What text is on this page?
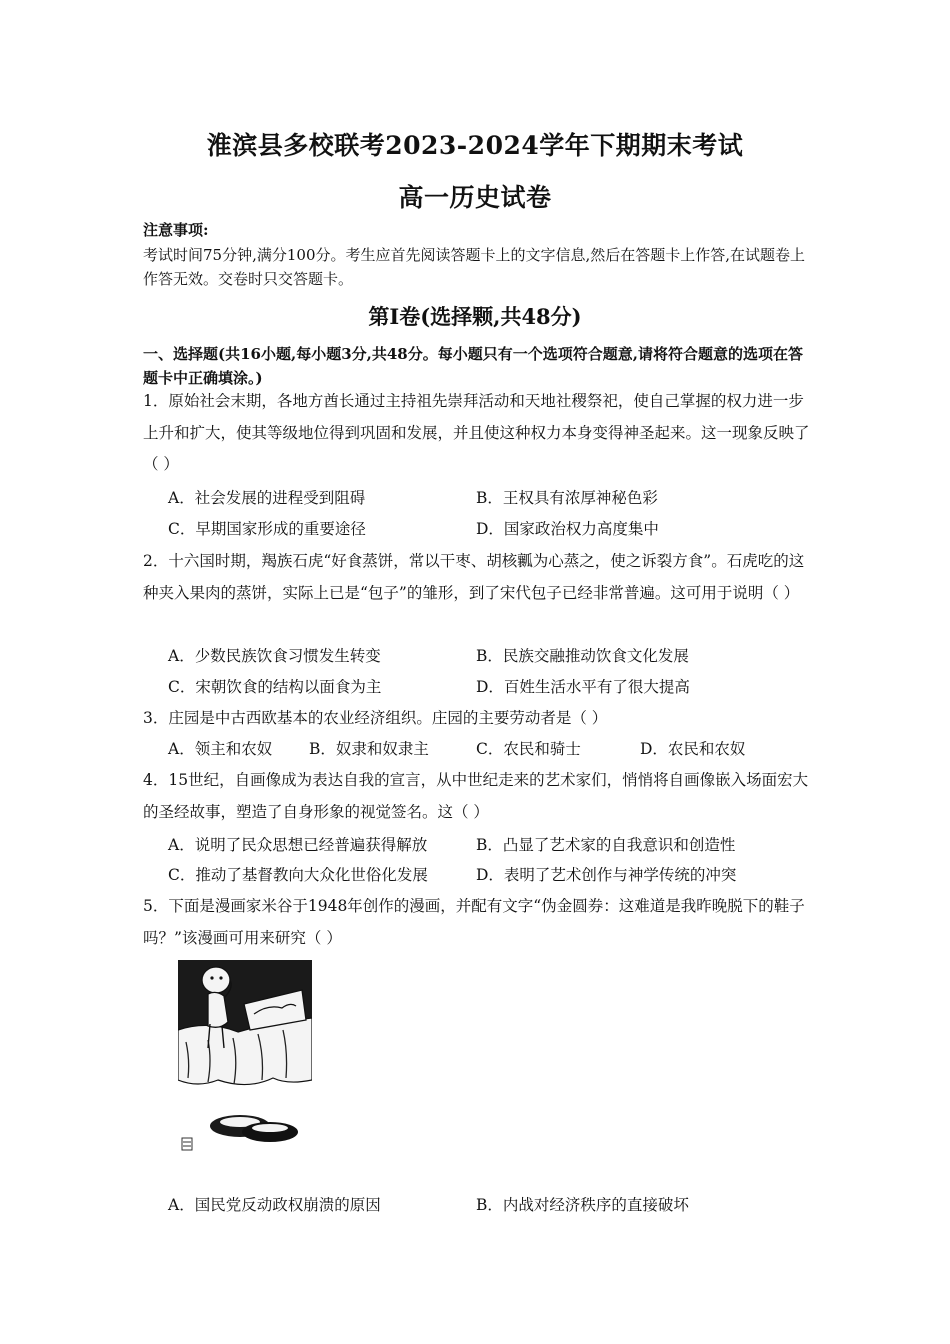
淮滨县多校联考2023-2024学年下期期末考试
高一历史试卷
注意事项:
考试时间75分钟,满分100分。考生应首先阅读答题卡上的文字信息,然后在答题卡上作答,在试题卷上作答无效。交卷时只交答题卡。
第Ⅰ卷(选择颗,共48分)
一、选择题(共16小题,每小题3分,共48分。每小题只有一个选项符合题意,请将符合题意的选项在答题卡中正确填涂。)
1．原始社会末期，各地方酋长通过主持祖先崇拜活动和天地社稷祭祀，使自己掌握的权力进一步上升和扩大，使其等级地位得到巩固和发展，并且使这种权力本身变得神圣起来。这一现象反映了（ ）
A．社会发展的进程受到阻碍	B．王权具有浓厚神秘色彩
C．早期国家形成的重要途径	D．国家政治权力高度集中
2．十六国时期，羯族石虎“好食蒸饼，常以干枣、胡核瓤为心蒸之，使之诉裂方食”。石虎吃的这种夹入果肉的蒸饼，实际上已是“包子”的雏形，到了宋代包子已经非常普遍。这可用于说明（ ）
A．少数民族饮食习惯发生转变	B．民族交融推动饮食文化发展
C．宋朝饮食的结构以面食为主	D．百姓生活水平有了很大提高
3．庄园是中古西欧基本的农业经济组织。庄园的主要劳动者是（ ）
A．领主和农奴 B．奴隶和奴隶主	C．农民和骑士	D．农民和农奴
4．15世纪，自画像成为表达自我的宣言，从中世纪走来的艺术家们，悄悄将自画像嵌入场面宏大的圣经故事，塑造了自身形象的视觉签名。这（ ）
A．说明了民众思想已经普遍获得解放	B．凸显了艺术家的自我意识和创造性
C．推动了基督教向大众化世俗化发展	D．表明了艺术创作与神学传统的冲突
5．下面是漫画家米谷于1948年创作的漫画，并配有文字“伪金圆券：这难道是我昨晚脱下的鞋子吗？”该漫画可用来研究（ ）
A．国民党反动政权崩溃的原因	B．内战对经济秩序的直接破坏
